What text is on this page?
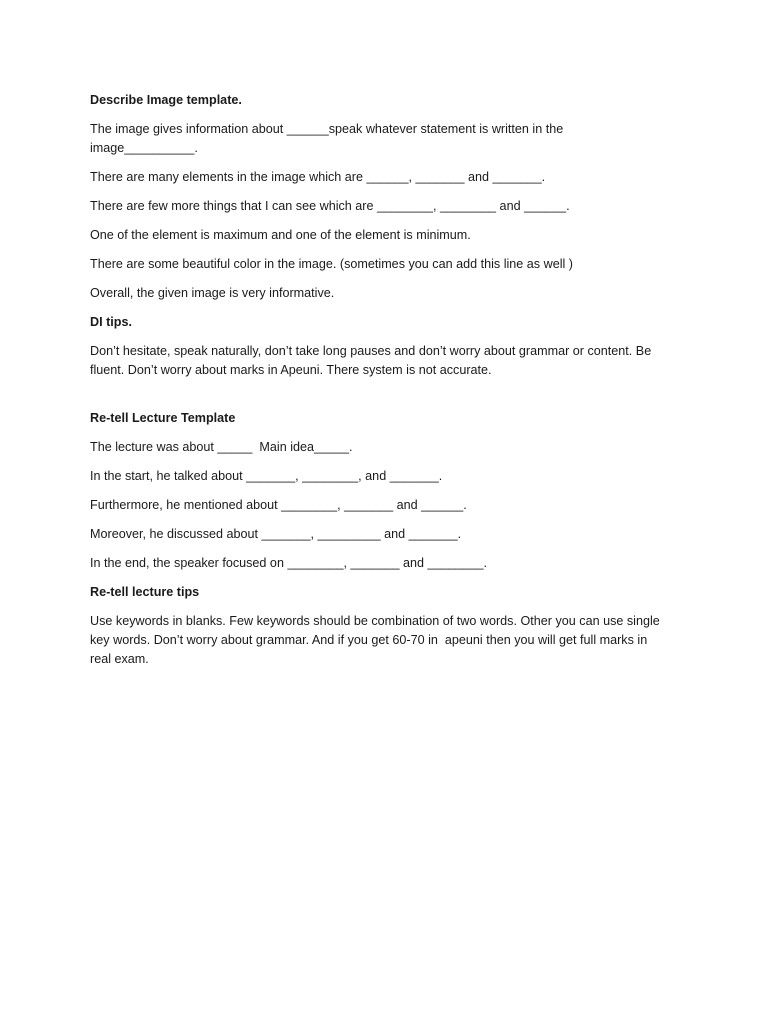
Describe Image template.
The image gives information about ______speak whatever statement is written in the image__________.
There are many elements in the image which are ______, _______ and _______.
There are few more things that I can see which are ________, ________ and ______.
One of the element is maximum and one of the element is minimum.
There are some beautiful color in the image. (sometimes you can add this line as well )
Overall, the given image is very informative.
DI tips.
Don’t hesitate, speak naturally, don’t take long pauses and don’t worry about grammar or content. Be fluent. Don’t worry about marks in Apeuni. There system is not accurate.
Re-tell Lecture Template
The lecture was about _____  Main idea_____.
In the start, he talked about _______, ________, and _______.
Furthermore, he mentioned about ________, _______ and ______.
Moreover, he discussed about _______, _________ and _______.
In the end, the speaker focused on ________, _______ and ________.
Re-tell lecture tips
Use keywords in blanks. Few keywords should be combination of two words. Other you can use single key words. Don’t worry about grammar. And if you get 60-70 in  apeuni then you will get full marks in real exam.
